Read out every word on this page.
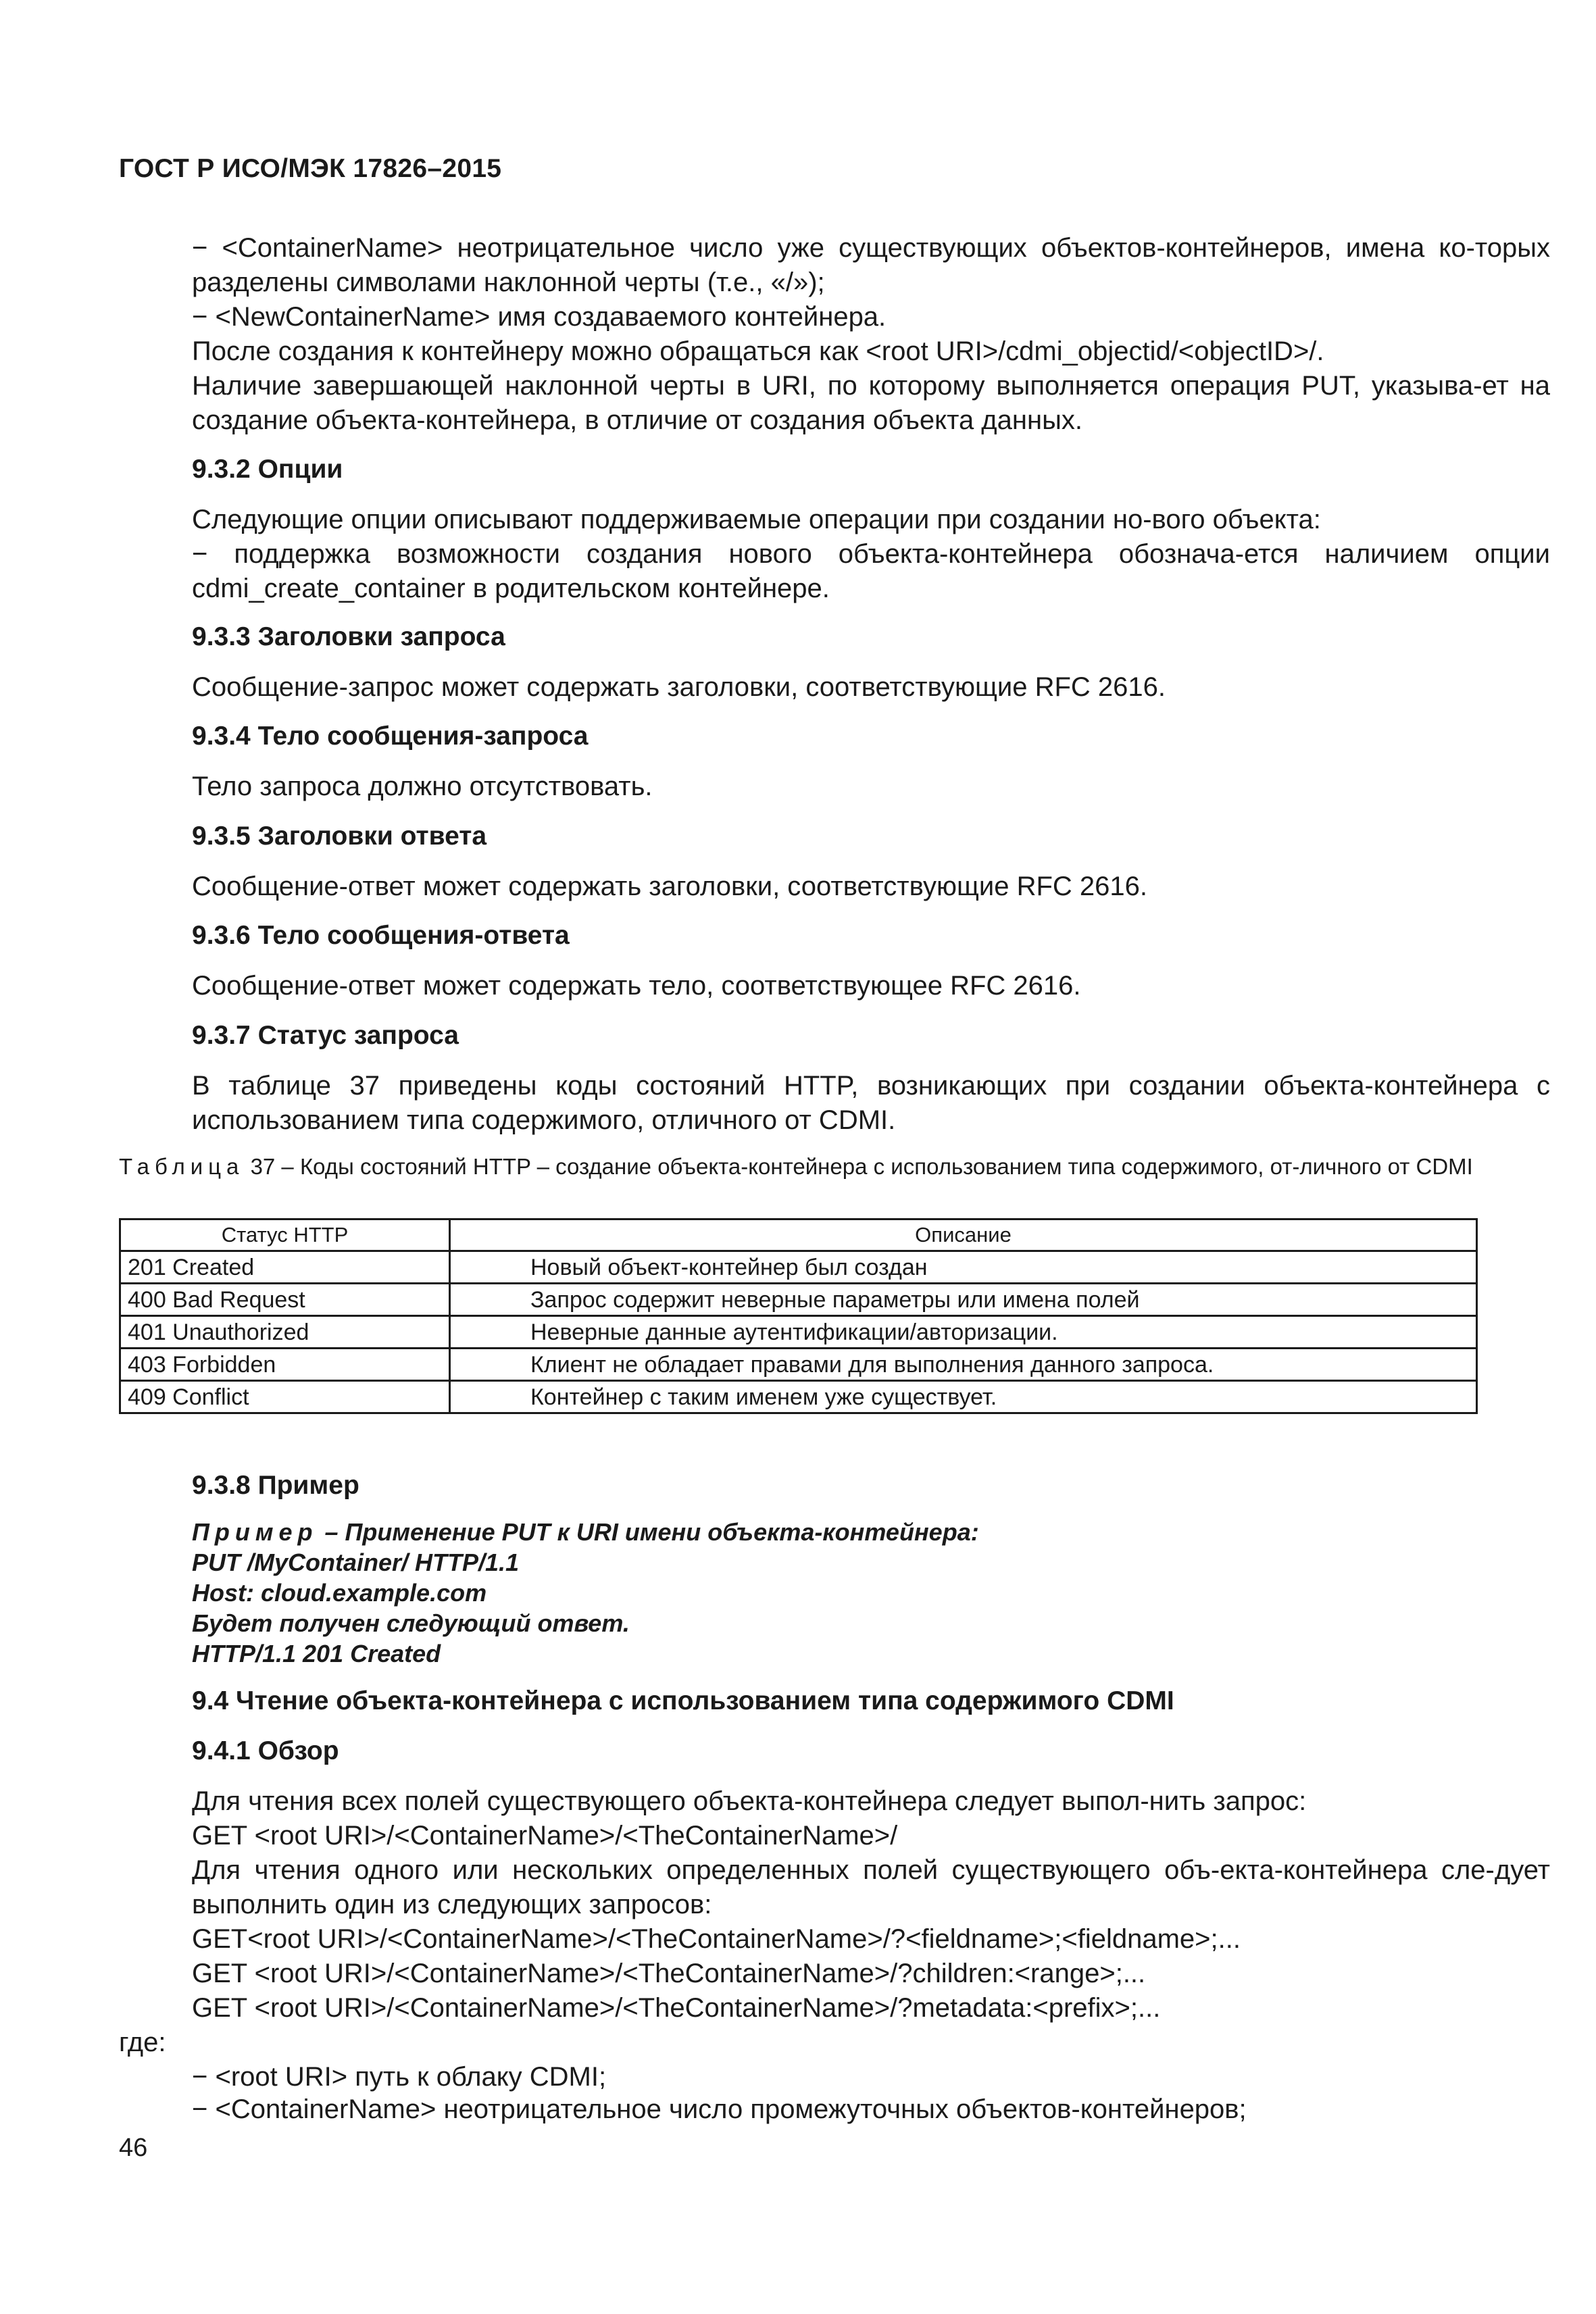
ГОСТ Р ИСО/МЭК 17826–2015
− <ContainerName> неотрицательное число уже существующих объектов-контейнеров, имена ко-торых разделены символами наклонной черты (т.е., «/»);
− <NewContainerName> имя создаваемого контейнера.
После создания к контейнеру можно обращаться как <root URI>/cdmi_objectid/<objectID>/.
Наличие завершающей наклонной черты в URI, по которому выполняется операция PUT, указыва-ет на создание объекта-контейнера, в отличие от создания объекта данных.
9.3.2 Опции
Следующие опции описывают поддерживаемые операции при создании но-вого объекта:
− поддержка возможности создания нового объекта-контейнера обознача-ется наличием опции cdmi_create_container в родительском контейнере.
9.3.3 Заголовки запроса
Сообщение-запрос может содержать заголовки, соответствующие RFC 2616.
9.3.4 Тело сообщения-запроса
Тело запроса должно отсутствовать.
9.3.5 Заголовки ответа
Сообщение-ответ может содержать заголовки, соответствующие RFC 2616.
9.3.6 Тело сообщения-ответа
Сообщение-ответ может содержать тело, соответствующее RFC 2616.
9.3.7 Статус запроса
В таблице 37 приведены коды состояний HTTP, возникающих при создании объекта-контейнера с использованием типа содержимого, отличного от CDMI.
Таблица 37 – Коды состояний HTTP – создание объекта-контейнера с использованием типа содержимого, от-личного от CDMI
Статус HTTP	Описание
201 Created	Новый объект-контейнер был создан
400 Bad Request	Запрос содержит неверные параметры или имена полей
401 Unauthorized	Неверные данные аутентификации/авторизации.
403 Forbidden	Клиент не обладает правами для выполнения данного запроса.
409 Conflict	Контейнер с таким именем уже существует.
9.3.8 Пример
Пример – Применение PUT к URI имени объекта-контейнера:
PUT /MyContainer/ HTTP/1.1
Host: cloud.example.com
Будет получен следующий ответ.
HTTP/1.1 201 Created
9.4 Чтение объекта-контейнера с использованием типа содержимого CDMI
9.4.1 Обзор
Для чтения всех полей существующего объекта-контейнера следует выпол-нить запрос:
GET <root URI>/<ContainerName>/<TheContainerName>/
Для чтения одного или нескольких определенных полей существующего объ-екта-контейнера сле-дует выполнить один из следующих запросов:
GET<root URI>/<ContainerName>/<TheContainerName>/?<fieldname>;<fieldname>;...
GET <root URI>/<ContainerName>/<TheContainerName>/?children:<range>;...
GET <root URI>/<ContainerName>/<TheContainerName>/?metadata:<prefix>;...
где:
− <root URI> путь к облаку CDMI;
− <ContainerName> неотрицательное число промежуточных объектов-контейнеров;
46
